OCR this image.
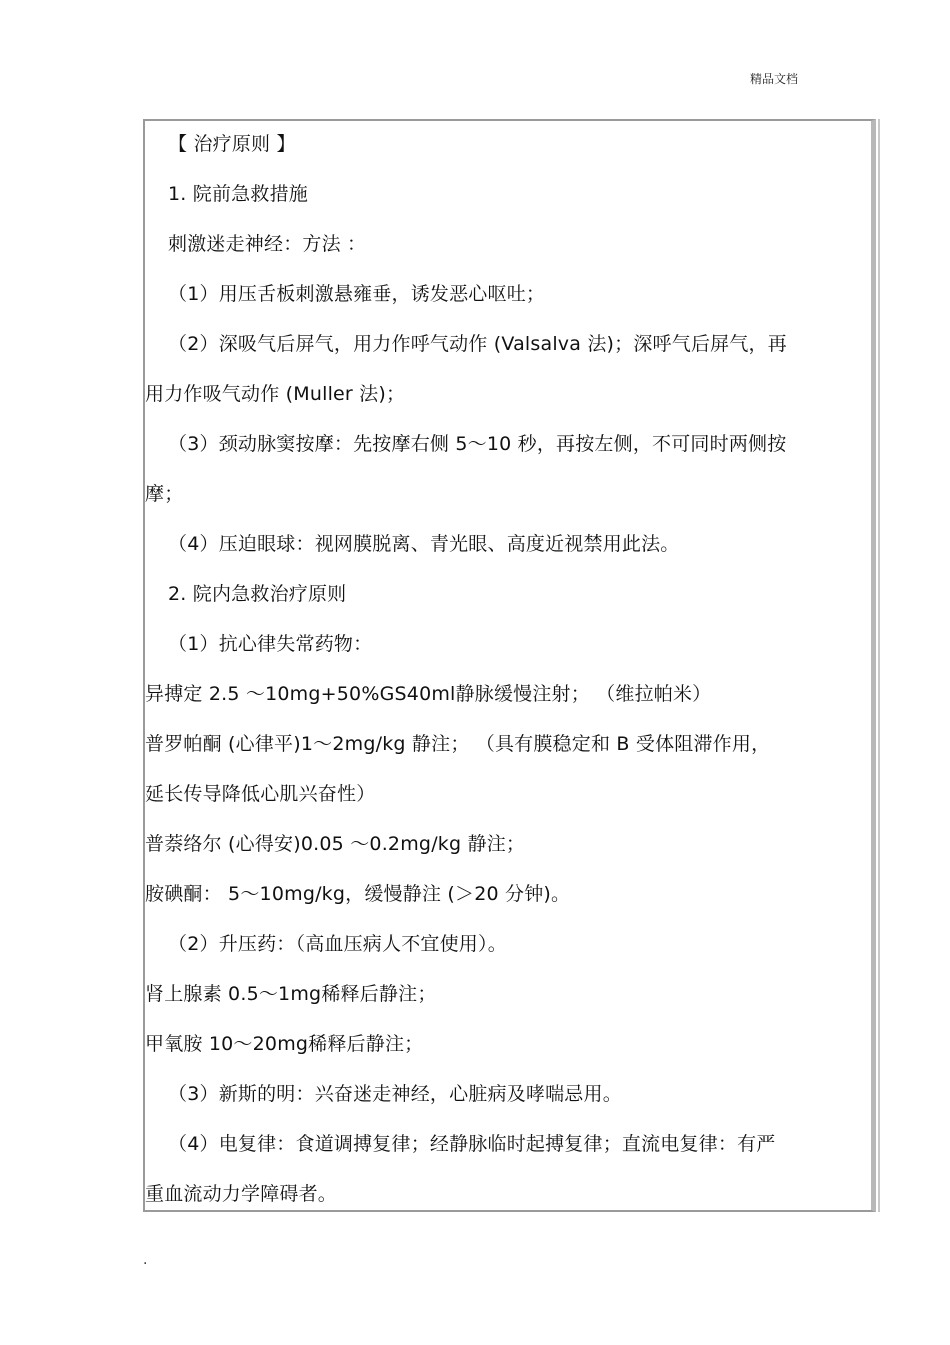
精品文档
【 治疗原则 】
1. 院前急救措施
刺激迷走神经：方法 ：
（1）用压舌板刺激悬雍垂，诱发恶心呕吐；
（2）深吸气后屏气，用力作呼气动作 (Valsalva 法)；深呼气后屏气，再
用力作吸气动作 (Muller 法)；
（3）颈动脉窦按摩：先按摩右侧 5～10 秒，再按左侧，不可同时两侧按
摩；
（4）压迫眼球：视网膜脱离、青光眼、高度近视禁用此法。
2. 院内急救治疗原则
（1）抗心律失常药物：
异搏定 2.5 ～10mg+50%GS40ml静脉缓慢注射； （维拉帕米）
普罗帕酮 (心律平)1～2mg/kg 静注； （具有膜稳定和 B 受体阻滞作用，
延长传导降低心肌兴奋性）
普萘络尔 (心得安)0.05 ～0.2mg/kg 静注；
胺碘酮： 5～10mg/kg，缓慢静注 (＞20 分钟)。
（2）升压药：（高血压病人不宜使用）。
肾上腺素 0.5～1mg稀释后静注；
甲氧胺 10～20mg稀释后静注；
（3）新斯的明：兴奋迷走神经，心脏病及哮喘忌用。
（4）电复律：食道调搏复律；经静脉临时起搏复律；直流电复律：有严
重血流动力学障碍者。
.
